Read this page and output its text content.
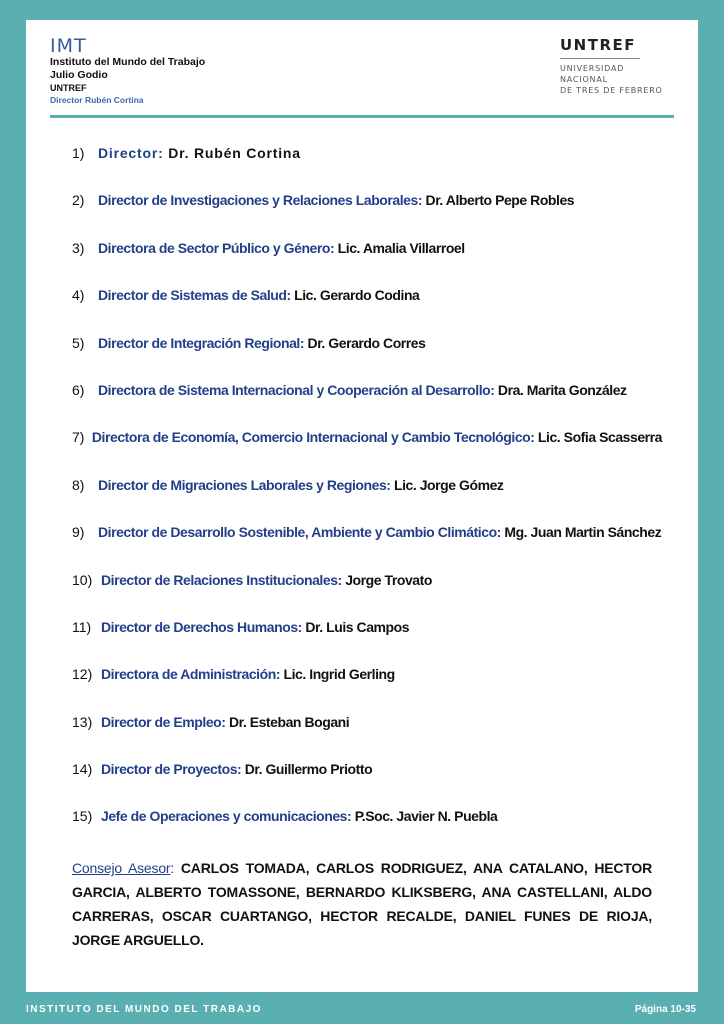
IMT
Instituto del Mundo del Trabajo
Julio Godio
UNTREF
Director Rubén Cortina
UNTREF
UNIVERSIDAD NACIONAL
DE TRES DE FEBRERO
1) Director:
Dr. Rubén Cortina
2) Director de Investigaciones y Relaciones Laborales:
Dr. Alberto Pepe Robles
3) Directora de Sector Público y Género:
Lic. Amalia Villarroel
4) Director de Sistemas de Salud:
Lic. Gerardo Codina
5) Director de Integración Regional:
Dr. Gerardo Corres
6) Directora de Sistema Internacional y Cooperación al Desarrollo:
Dra. Marita González
7) Directora de Economía, Comercio Internacional y Cambio Tecnológico:
Lic. Sofia Scasserra
8) Director de Migraciones Laborales y Regiones:
Lic. Jorge Gómez
9) Director de Desarrollo Sostenible, Ambiente y Cambio Climático:
Mg. Juan Martin Sánchez
10) Director de Relaciones Institucionales:
Jorge Trovato
11) Director de Derechos Humanos:
Dr. Luis Campos
12) Directora de Administración:
Lic. Ingrid Gerling
13) Director de Empleo:
Dr. Esteban Bogani
14) Director de Proyectos:
Dr. Guillermo Priotto
15) Jefe de Operaciones y comunicaciones:
P.Soc. Javier N. Puebla
Consejo Asesor: CARLOS TOMADA, CARLOS RODRIGUEZ, ANA CATALANO, HECTOR GARCIA, ALBERTO TOMASSONE, BERNARDO KLIKSBERG, ANA CASTELLANI, ALDO CARRERAS, OSCAR CUARTANGO, HECTOR RECALDE, DANIEL FUNES DE RIOJA, JORGE ARGUELLO.
INSTITUTO DEL MUNDO DEL TRABAJO	Página 10-35
